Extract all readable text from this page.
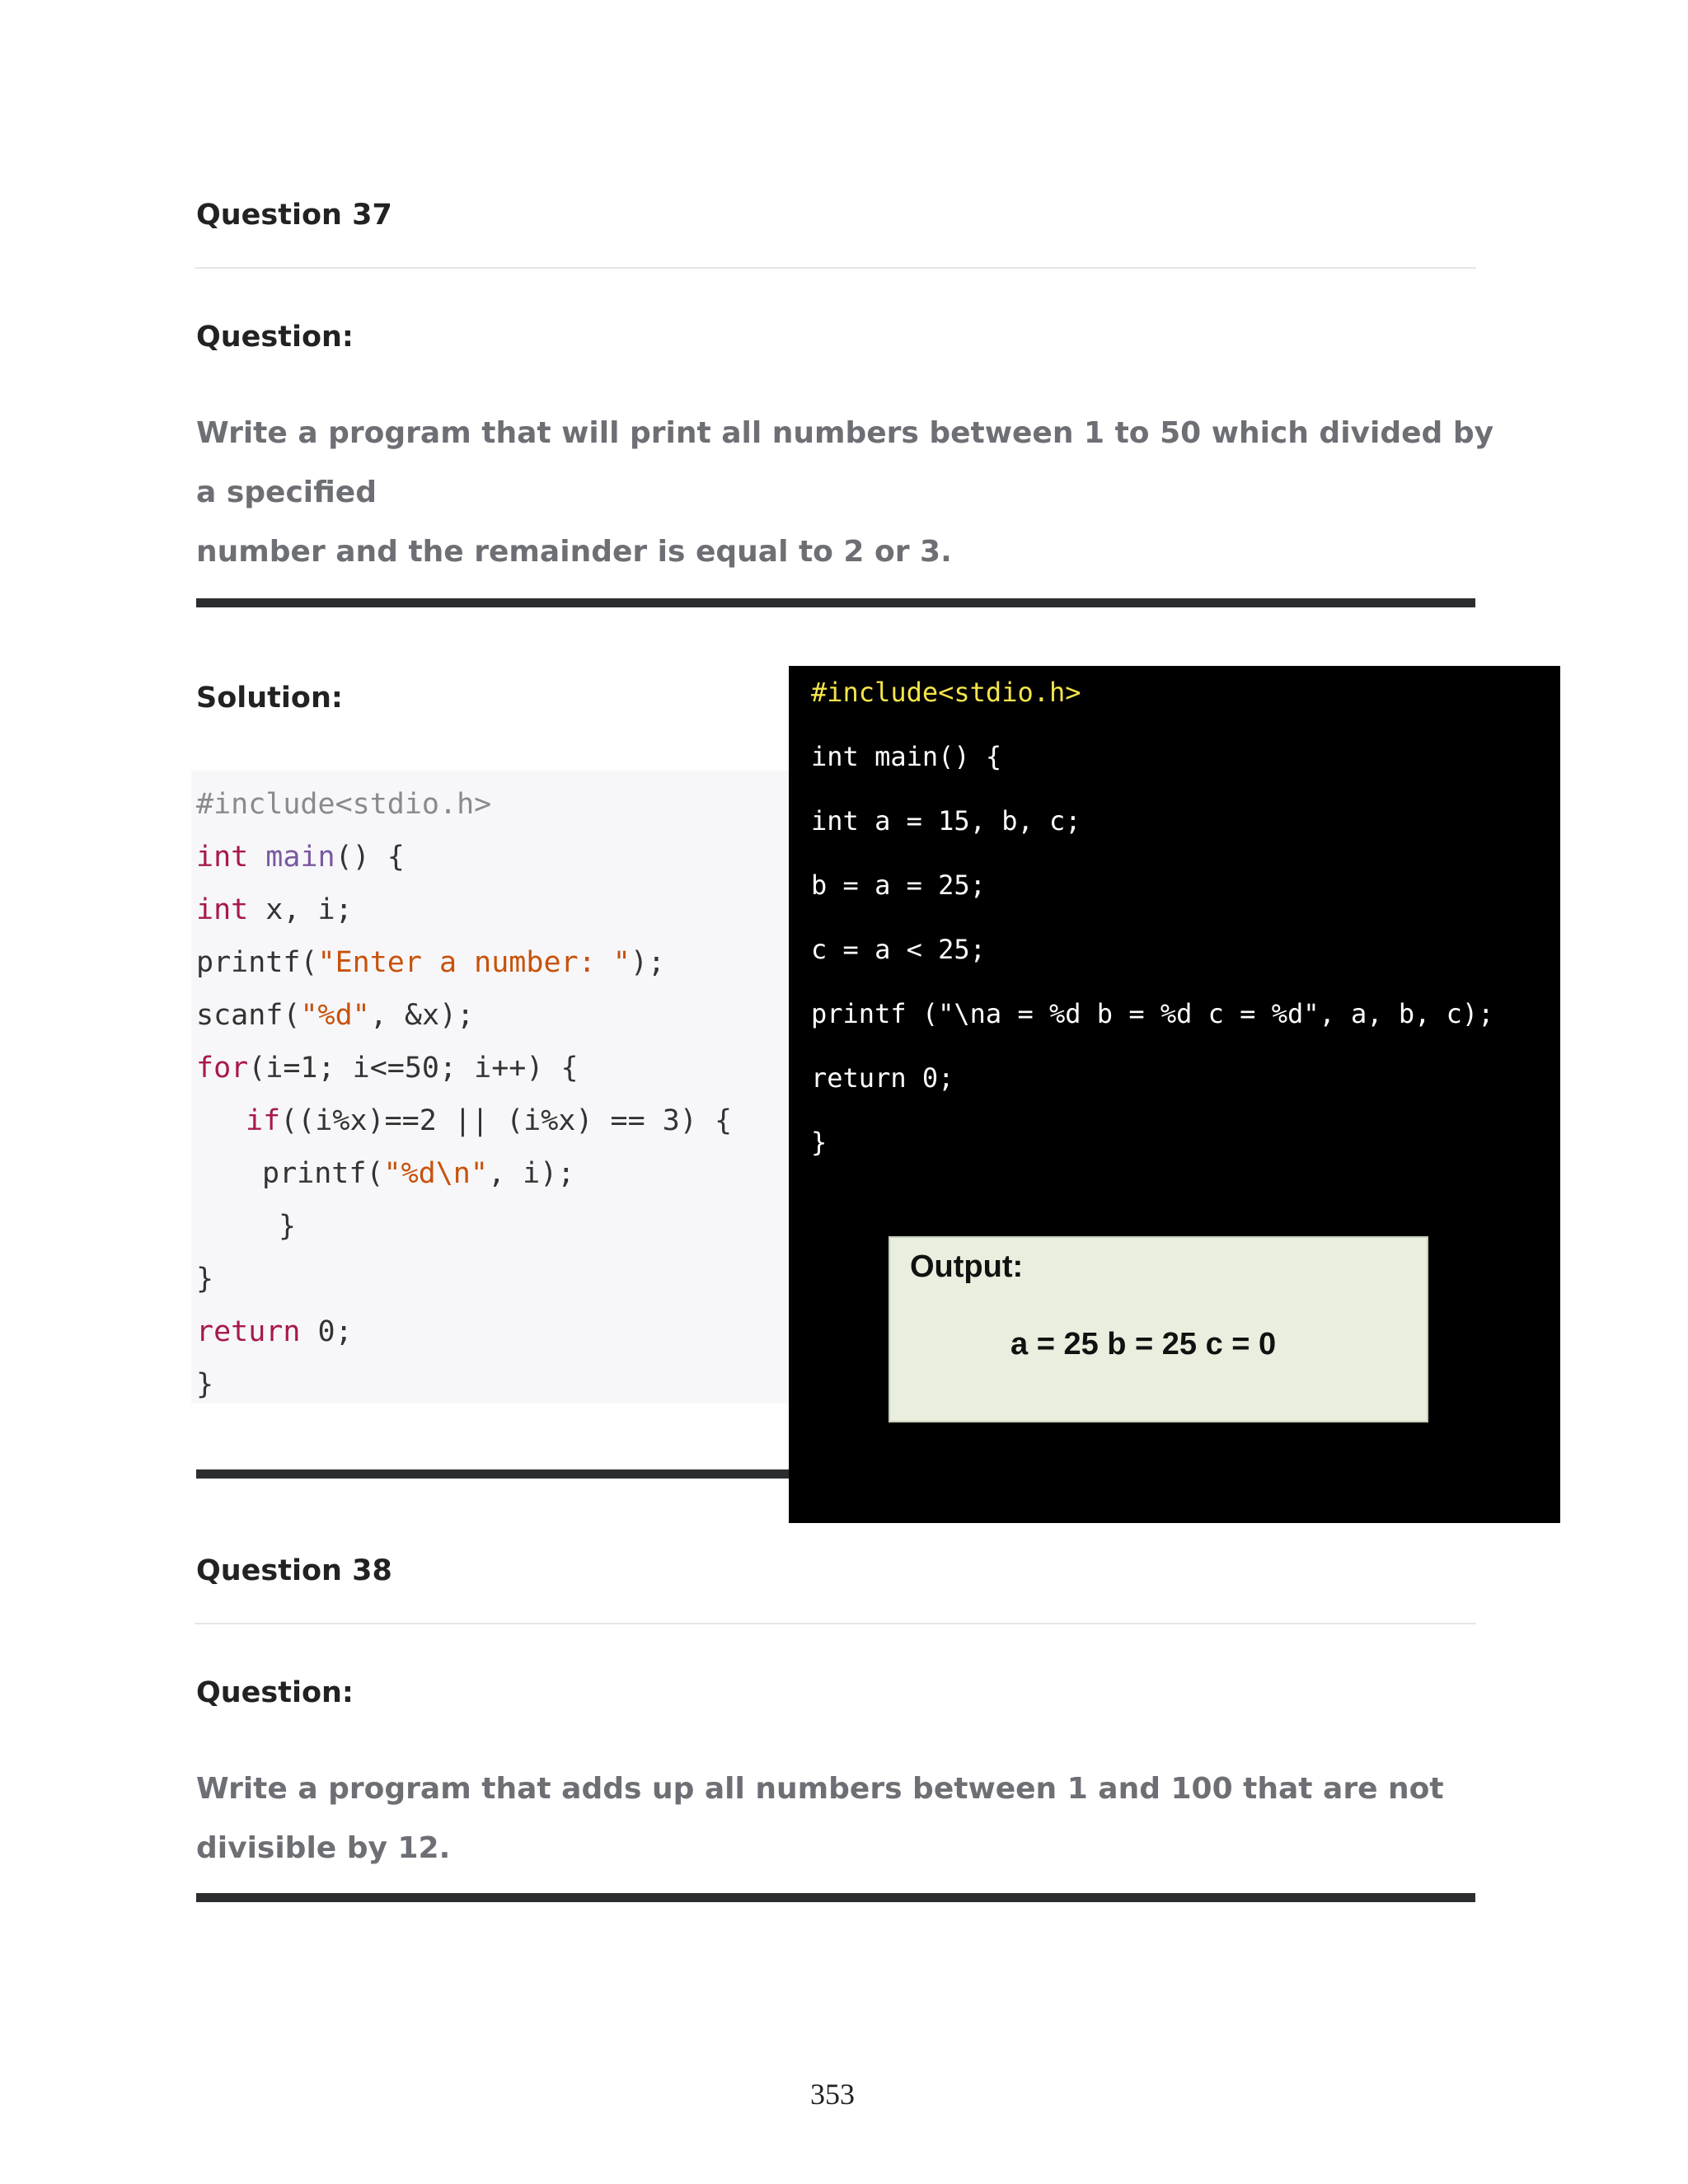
Question 37
Question:
Write a program that will print all numbers between 1 to 50 which divided by a specified
number and the remainder is equal to 2 or 3.
Solution:
#include<stdio.h>
int main() {
int x, i;
printf("Enter a number: ");
scanf("%d", &x);
for(i=1; i<=50; i++) {
if((i%x)==2 || (i%x) == 3) {
printf("%d\n", i);
}
}
return 0;
}
#include<stdio.h>
int main() {
int a = 15, b, c;
b = a = 25;
c = a < 25;
printf ("\na = %d b = %d c = %d", a, b, c);
return 0;
}
Output:
a = 25 b = 25 c = 0
Question 38
Question:
Write a program that adds up all numbers between 1 and 100 that are not divisible by 12.
353
